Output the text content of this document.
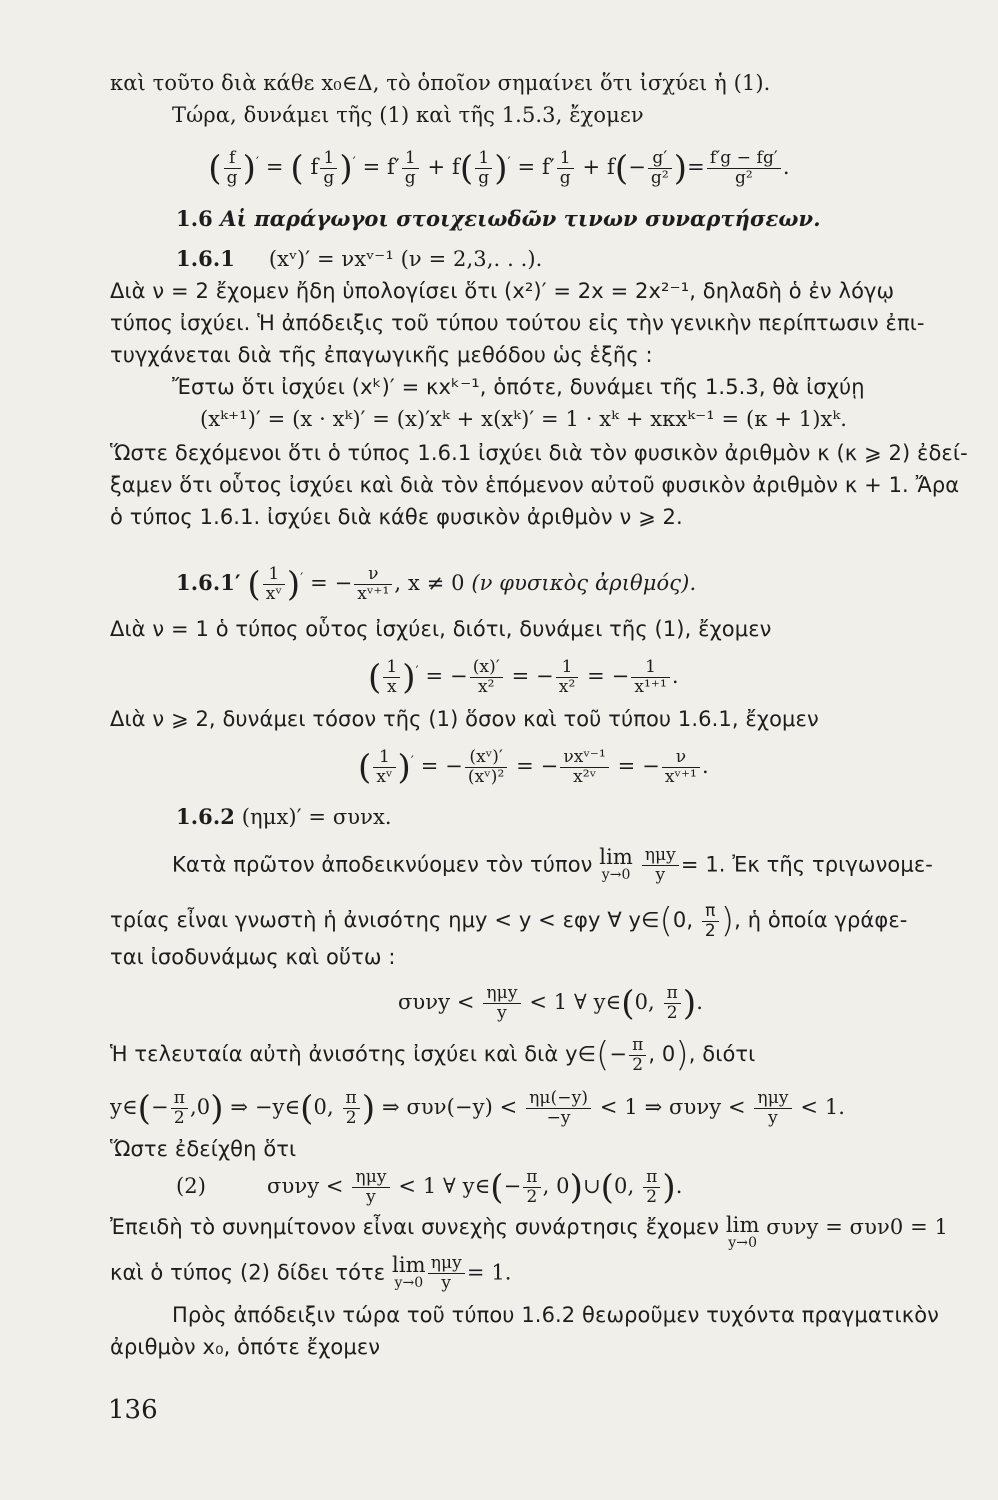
καὶ τοῦτο διὰ κάθε x₀∈Δ, τὸ ὁποῖον σημαίνει ὅτι ἰσχύει ἡ (1).
Τώρα, δυνάμει τῆς (1) καὶ τῆς 1.5.3, ἔχομεν
( $\frac{f}{g} )'$ = ( f $\frac{1}{g} )' = f' \frac{1}{g} + f( \frac{1}{g} )' = f' \frac{1}{g} + f(- \frac{g'}{\text{g²}}$ )= $\frac{f'g - fg'}{\text{g²}}$ .
1.6 Αἱ παράγωγοι στοιχειωδῶν τινων συναρτήσεων.
1.6.1 (xᵛ)′ = νxᵛ⁻¹ (ν = 2,3,. . .).
Διὰ ν = 2 ἔχομεν ἤδη ὑπολογίσει ὅτι (x²)′ = 2x = 2x²⁻¹, δηλαδὴ ὁ ἐν λόγῳ
τύπος ἰσχύει. Ἡ ἀπόδειξις τοῦ τύπου τούτου εἰς τὴν γενικὴν περίπτωσιν ἐπι-
τυγχάνεται διὰ τῆς ἐπαγωγικῆς μεθόδου ὡς ἑξῆς :
Ἔστω ὅτι ἰσχύει (xᵏ)′ = κxᵏ⁻¹, ὁπότε, δυνάμει τῆς 1.5.3, θὰ ἰσχύῃ
(xᵏ⁺¹)′ = (x · xᵏ)′ = (x)′xᵏ + x(xᵏ)′ = 1 · xᵏ + xκxᵏ⁻¹ = (κ + 1)xᵏ.
Ὥστε δεχόμενοι ὅτι ὁ τύπος 1.6.1 ἰσχύει διὰ τὸν φυσικὸν ἀριθμὸν κ (κ ⩾ 2) ἐδεί-
ξαμεν ὅτι οὗτος ἰσχύει καὶ διὰ τὸν ἑπόμενον αὐτοῦ φυσικὸν ἀριθμὸν κ + 1. Ἄρα
ὁ τύπος 1.6.1. ἰσχύει διὰ κάθε φυσικὸν ἀριθμὸν ν ⩾ 2.
1.6.1′ ( $\frac{1}{\text{xᵛ}} )'$ = − $\frac{\nu}{\text{xᵛ⁺¹}}$ , x ≠ 0 (ν φυσικὸς ἀριθμός).
Διὰ ν = 1 ὁ τύπος οὗτος ἰσχύει, διότι, δυνάμει τῆς (1), ἔχομεν
( $\frac{1}{x} )'$ = − $\frac{(x)'}{\text{x²}}$ = − $\frac{1}{\text{x²}}$ = − $\frac{1}{\text{x¹⁺¹}}$ .
Διὰ ν ⩾ 2, δυνάμει τόσον τῆς (1) ὅσον καὶ τοῦ τύπου 1.6.1, ἔχομεν
( $\frac{1}{\text{xᵛ}} )'$ = − $\frac{\text{(xᵛ)′}}{\text{(xᵛ)²}}$ = − $\frac{\text{νxᵛ⁻¹}}{\text{x²ᵛ}}$ = − $\frac{\nu}{\text{xᵛ⁺¹}}$ .
1.6.2 (ημx)′ = συνx.
Κατὰ πρῶτον ἀποδεικνύομεν τὸν τύπον lim
y→0
$\frac{\text{ημy}}{y} = 1$. Ἐκ τῆς τριγωνομε-
τρίας εἶναι γνωστὴ ἡ ἀνισότης ημy < y < εφy ∀ y∈(0, $\frac{\pi}{2}$ ), ἡ ὁποία γράφε-
ται ἰσοδυνάμως καὶ οὕτω :
$\sigma\upsilon\nu y < \frac{\text{ημy}}{y} < 1$ ∀ y∈(0, $\frac{\pi}{2}$ ).
Ἡ τελευταία αὐτὴ ἀνισότης ἰσχύει καὶ διὰ y∈(− $\frac{\pi}{2}$ , 0), διότι
y∈(− $\frac{\pi}{2} ,0$) ⇒ −y∈(0, $\frac{\pi}{2}$ ) ⇒ $\sigma\upsilon\nu(-y) < \frac{\eta\mu(-y)}{-y} < 1$ ⇒ $\sigma\upsilon\nu y < \frac{\text{ημy}}{y} < 1$.
Ὥστε ἐδείχθη ὅτι
(2)	$\sigma\upsilon\nu y < \frac{\text{ημy}}{y} < 1$ ∀ y∈(− $\frac{\pi}{2}$ , 0)∪(0, $\frac{\pi}{2}$ ).
Ἐπειδὴ τὸ συνημίτονον εἶναι συνεχὴς συνάρτησις ἔχομεν lim
y→0
συνy = συν0 = 1
καὶ ὁ τύπος (2) δίδει τότε lim
$y\to 0 \frac{\text{ημy}}{y} = 1$.
Πρὸς ἀπόδειξιν τώρα τοῦ τύπου 1.6.2 θεωροῦμεν τυχόντα πραγματικὸν
ἀριθμὸν x₀, ὁπότε ἔχομεν
136
